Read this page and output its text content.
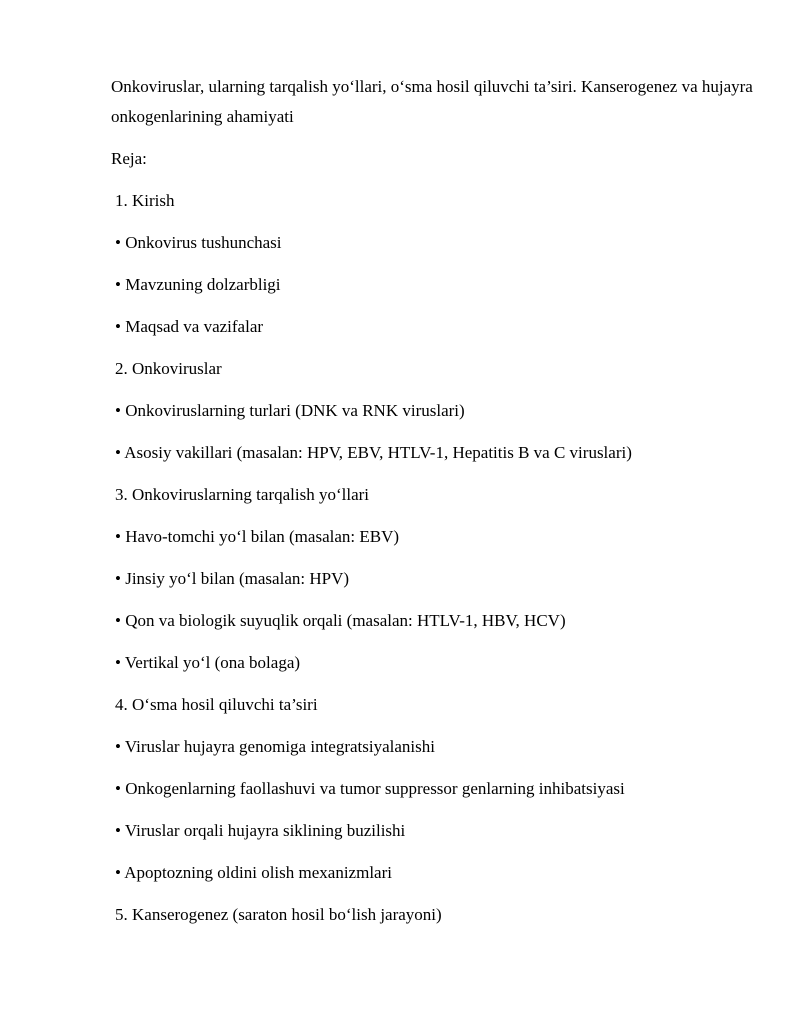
Onkoviruslar, ularning tarqalish yo‘llari, o‘sma hosil qiluvchi ta’siri. Kanserogenez va hujayra onkogenlarining ahamiyati

Reja:

1. Kirish

• Onkovirus tushunchasi

• Mavzuning dolzarbligi

• Maqsad va vazifalar

2. Onkoviruslar

• Onkoviruslarning turlari (DNK va RNK viruslari)

• Asosiy vakillari (masalan: HPV, EBV, HTLV-1, Hepatitis B va C viruslari)

3. Onkoviruslarning tarqalish yo‘llari

• Havo-tomchi yo‘l bilan (masalan: EBV)

• Jinsiy yo‘l bilan (masalan: HPV)

• Qon va biologik suyuqlik orqali (masalan: HTLV-1, HBV, HCV)

• Vertikal yo‘l (ona bolaga)

4. O‘sma hosil qiluvchi ta’siri

• Viruslar hujayra genomiga integratsiyalanishi

• Onkogenlarning faollashuvi va tumor suppressor genlarning inhibatsiyasi

• Viruslar orqali hujayra siklining buzilishi

• Apoptozning oldini olish mexanizmlari

5. Kanserogenez (saraton hosil bo‘lish jarayoni)
